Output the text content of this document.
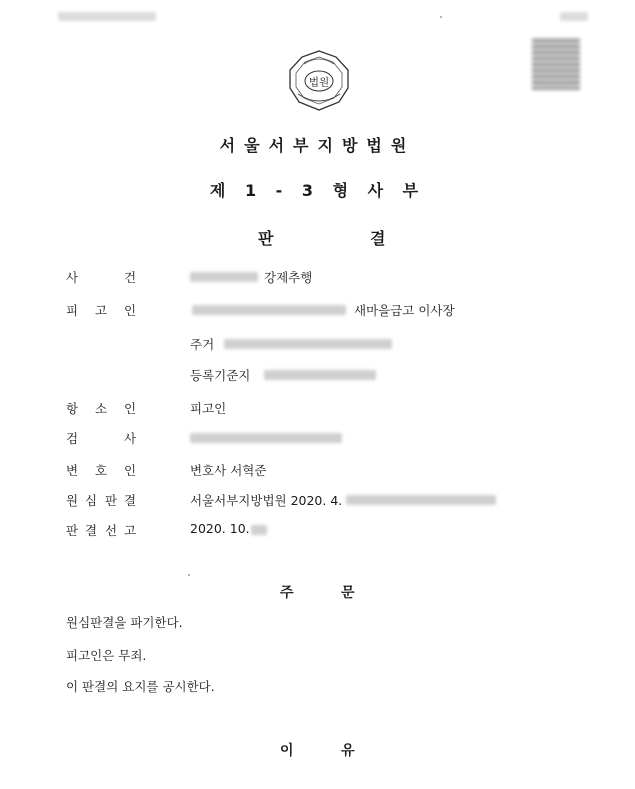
법원
서울서부지방법원
제 1 - 3 형 사 부
판	결
사	건	강제추행
피 고 인	새마을금고 이사장
주거
등록기준지
항 소 인	피고인
검	사
변 호 인	변호사 서혁준
원 심 판 결	서울서부지방법원 2020. 4.
판 결 선 고	2020. 10.
주	문
원심판결을 파기한다.
피고인은 무죄.
이 판결의 요지를 공시한다.
이	유
